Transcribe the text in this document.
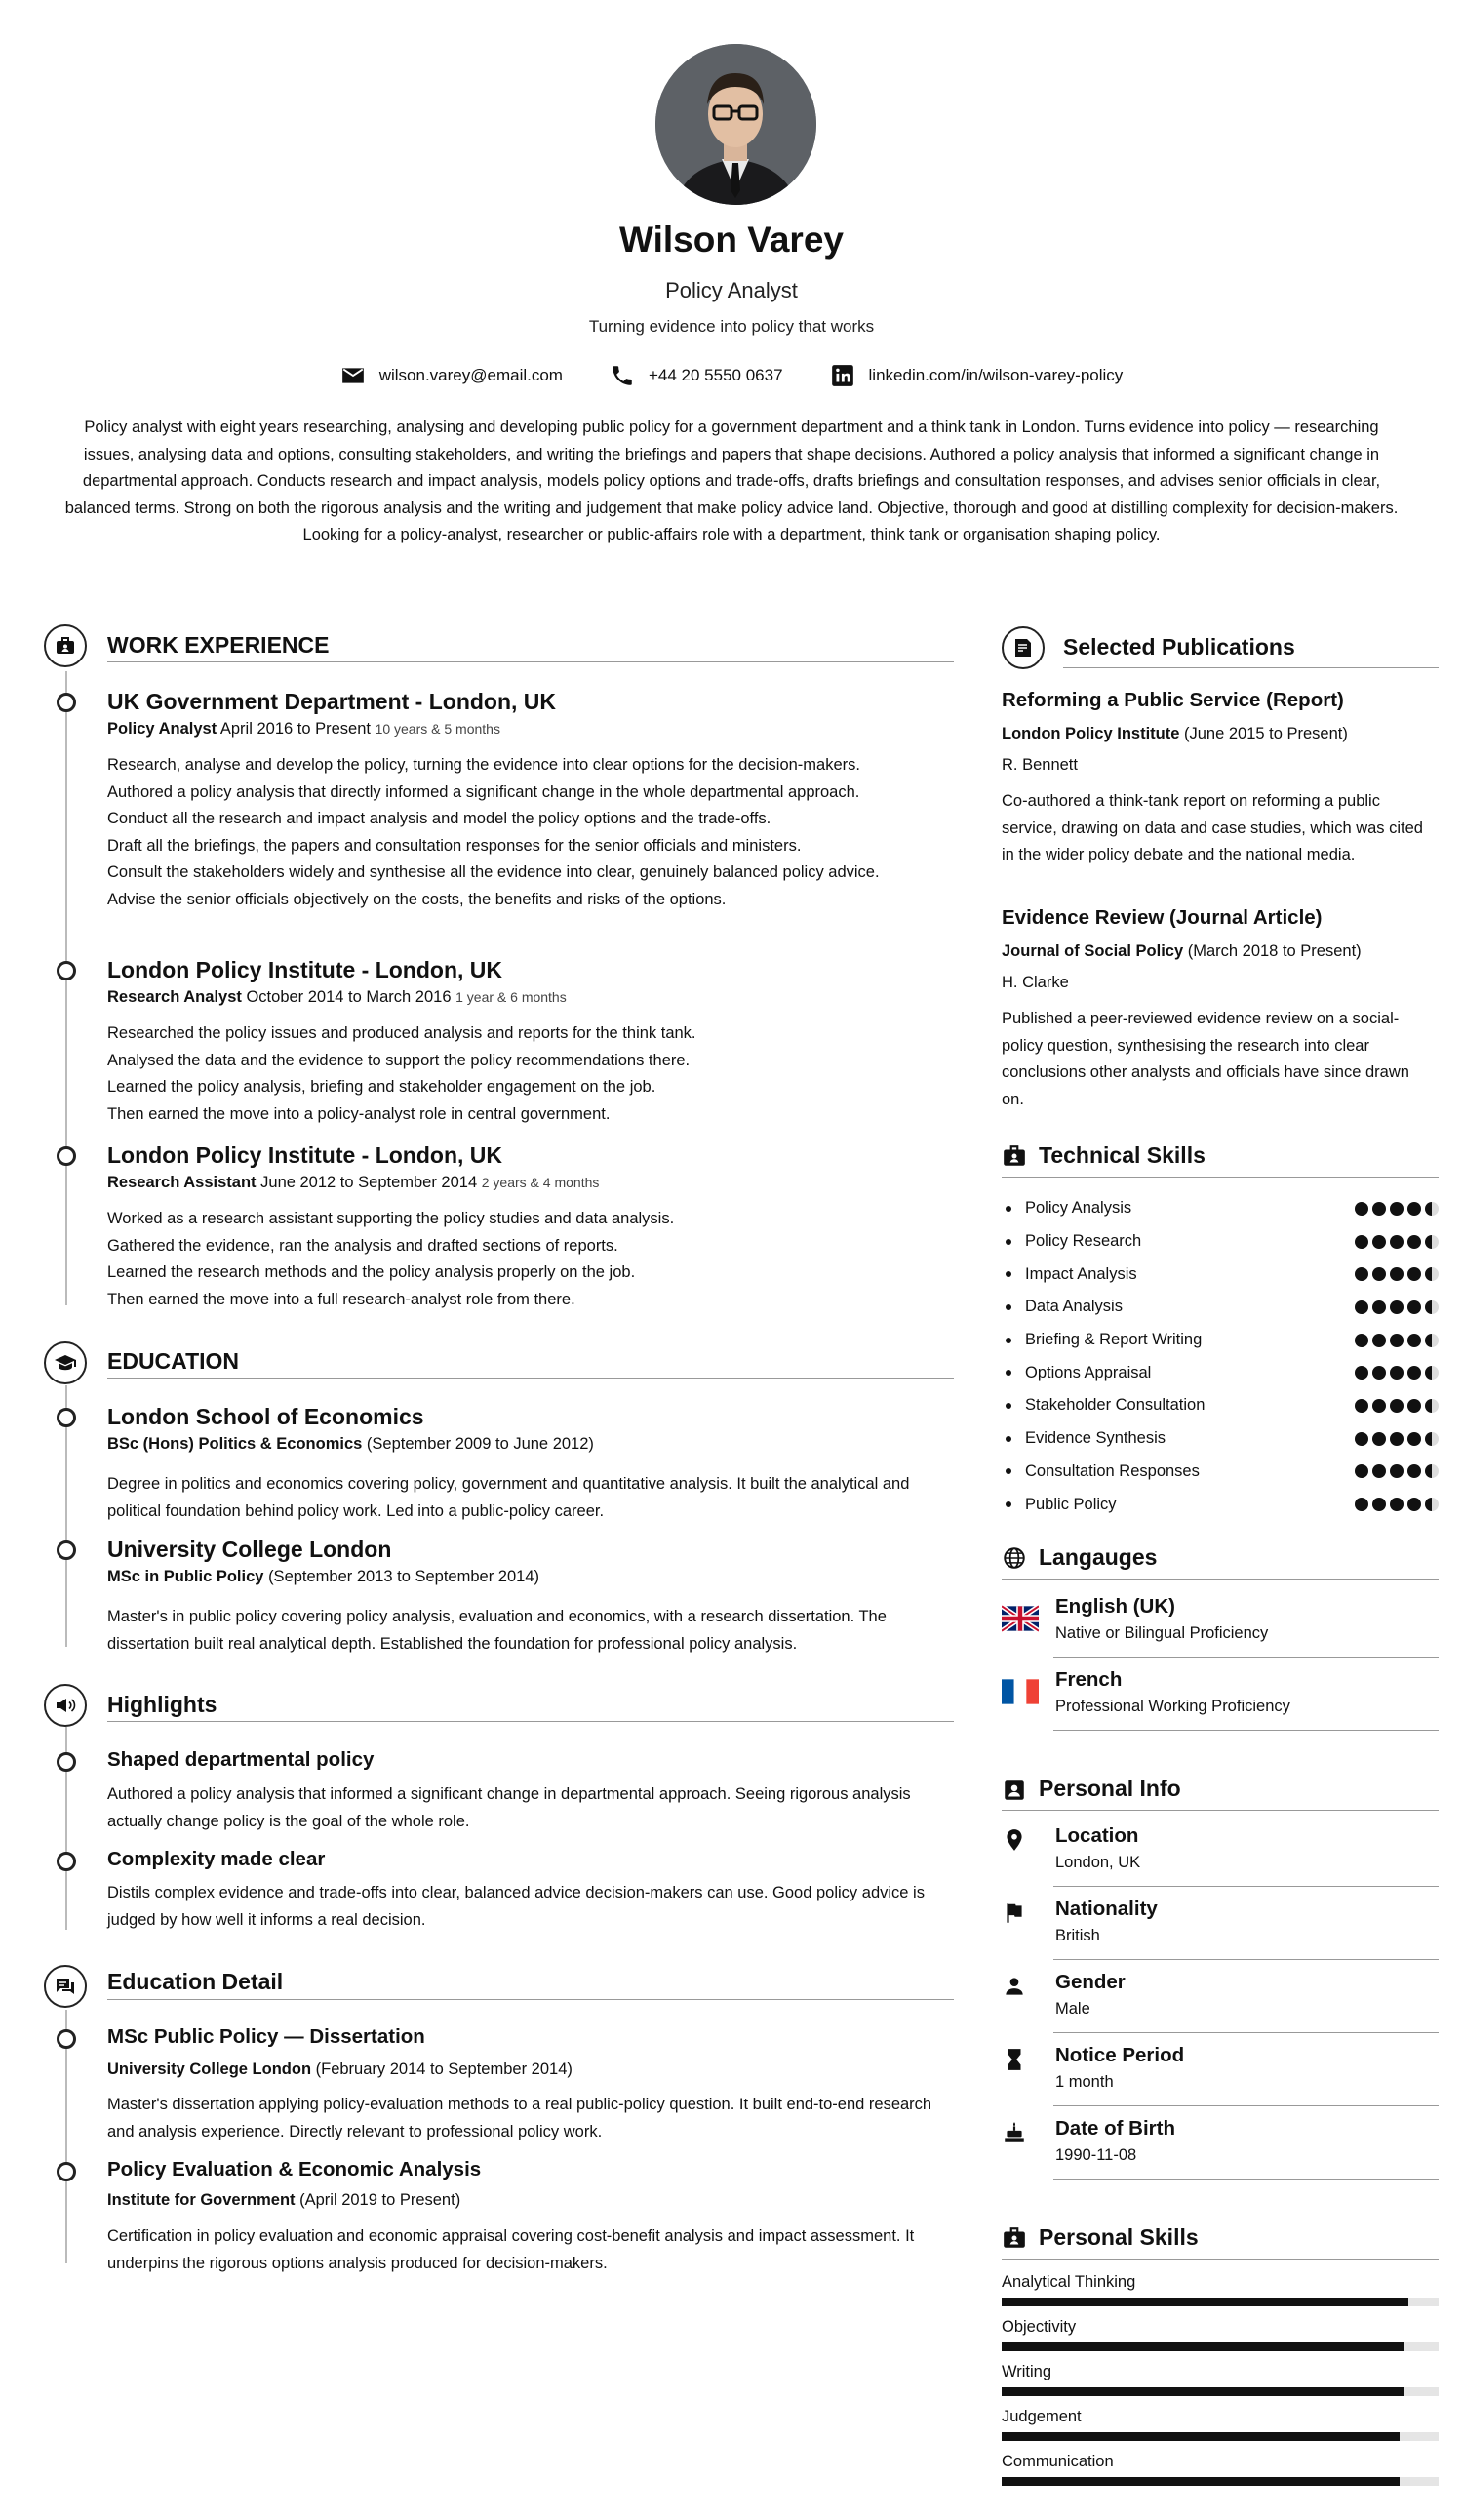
Wilson Varey
Policy Analyst
Turning evidence into policy that works
wilson.varey@email.com	+44 20 5550 0637	linkedin.com/in/wilson-varey-policy
Policy analyst with eight years researching, analysing and developing public policy for a government department and a think tank in London. Turns evidence into policy — researching issues, analysing data and options, consulting stakeholders, and writing the briefings and papers that shape decisions. Authored a policy analysis that informed a significant change in departmental approach. Conducts research and impact analysis, models policy options and trade-offs, drafts briefings and consultation responses, and advises senior officials in clear, balanced terms. Strong on both the rigorous analysis and the writing and judgement that make policy advice land. Objective, thorough and good at distilling complexity for decision-makers. Looking for a policy-analyst, researcher or public-affairs role with a department, think tank or organisation shaping policy.
WORK EXPERIENCE
UK Government Department - London, UK
Policy Analyst April 2016 to Present 10 years & 5 months
Research, analyse and develop the policy, turning the evidence into clear options for the decision-makers.
Authored a policy analysis that directly informed a significant change in the whole departmental approach.
Conduct all the research and impact analysis and model the policy options and the trade-offs.
Draft all the briefings, the papers and consultation responses for the senior officials and ministers.
Consult the stakeholders widely and synthesise all the evidence into clear, genuinely balanced policy advice.
Advise the senior officials objectively on the costs, the benefits and risks of the options.
London Policy Institute - London, UK
Research Analyst October 2014 to March 2016 1 year & 6 months
Researched the policy issues and produced analysis and reports for the think tank.
Analysed the data and the evidence to support the policy recommendations there.
Learned the policy analysis, briefing and stakeholder engagement on the job.
Then earned the move into a policy-analyst role in central government.
London Policy Institute - London, UK
Research Assistant June 2012 to September 2014 2 years & 4 months
Worked as a research assistant supporting the policy studies and data analysis.
Gathered the evidence, ran the analysis and drafted sections of reports.
Learned the research methods and the policy analysis properly on the job.
Then earned the move into a full research-analyst role from there.
EDUCATION
London School of Economics
BSc (Hons) Politics & Economics (September 2009 to June 2012)
Degree in politics and economics covering policy, government and quantitative analysis. It built the analytical and political foundation behind policy work. Led into a public-policy career.
University College London
MSc in Public Policy (September 2013 to September 2014)
Master's in public policy covering policy analysis, evaluation and economics, with a research dissertation. The dissertation built real analytical depth. Established the foundation for professional policy analysis.
Highlights
Shaped departmental policy
Authored a policy analysis that informed a significant change in departmental approach. Seeing rigorous analysis actually change policy is the goal of the whole role.
Complexity made clear
Distils complex evidence and trade-offs into clear, balanced advice decision-makers can use. Good policy advice is judged by how well it informs a real decision.
Education Detail
MSc Public Policy — Dissertation
University College London (February 2014 to September 2014)
Master's dissertation applying policy-evaluation methods to a real public-policy question. It built end-to-end research and analysis experience. Directly relevant to professional policy work.
Policy Evaluation & Economic Analysis
Institute for Government (April 2019 to Present)
Certification in policy evaluation and economic appraisal covering cost-benefit analysis and impact assessment. It underpins the rigorous options analysis produced for decision-makers.
Selected Publications
Reforming a Public Service (Report)
London Policy Institute (June 2015 to Present)
R. Bennett
Co-authored a think-tank report on reforming a public service, drawing on data and case studies, which was cited in the wider policy debate and the national media.
Evidence Review (Journal Article)
Journal of Social Policy (March 2018 to Present)
H. Clarke
Published a peer-reviewed evidence review on a social-policy question, synthesising the research into clear conclusions other analysts and officials have since drawn on.
Technical Skills
Policy Analysis
Policy Research
Impact Analysis
Data Analysis
Briefing & Report Writing
Options Appraisal
Stakeholder Consultation
Evidence Synthesis
Consultation Responses
Public Policy
Langauges
English (UK)
Native or Bilingual Proficiency
French
Professional Working Proficiency
Personal Info
Location
London, UK
Nationality
British
Gender
Male
Notice Period
1 month
Date of Birth
1990-11-08
Personal Skills
Analytical Thinking
Objectivity
Writing
Judgement
Communication
